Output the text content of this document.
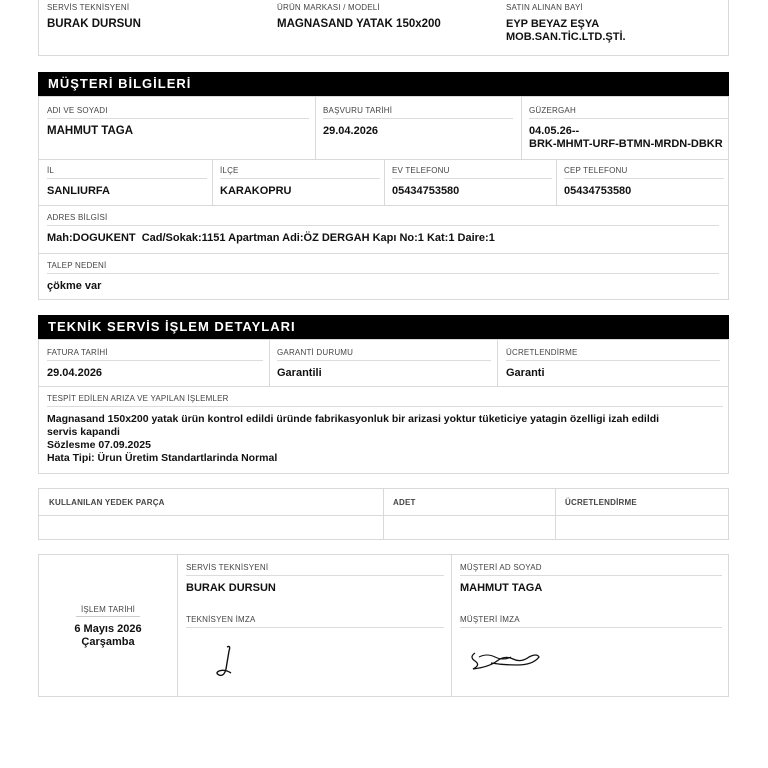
SERVİS TEKNİSYENİ
BURAK DURSUN
ÜRÜN MARKASI / MODELİ
MAGNASAND YATAK 150x200
SATIN ALINAN BAYİ
EYP BEYAZ EŞYA
MOB.SAN.TİC.LTD.ŞTİ.
MÜŞTERİ BİLGİLERİ
ADI VE SOYADI
MAHMUT TAGA
BAŞVURU TARİHİ
29.04.2026
GÜZERGAH
04.05.26--
BRK-MHMT-URF-BTMN-MRDN-DBKR
İL
SANLIURFA
İLÇE
KARAKOPRU
EV TELEFONU
05434753580
CEP TELEFONU
05434753580
ADRES BİLGİSİ
Mah:DOGUKENT  Cad/Sokak:1151 Apartman Adi:ÖZ DERGAH Kapı No:1 Kat:1 Daire:1
TALEP NEDENİ
çökme var
TEKNİK SERVİS İŞLEM DETAYLARI
FATURA TARİHİ
29.04.2026
GARANTİ DURUMU
Garantili
ÜCRETLENDİRME
Garanti
TESPİT EDİLEN ARIZA VE YAPILAN İŞLEMLER
Magnasand 150x200 yatak ürün kontrol edildi üründe fabrikasyonluk bir arizasi yoktur tüketiciye yatagin özelligi izah edildi
servis kapandi
Sözlesme 07.09.2025
Hata Tipi: Ürun Üretim Standartlarinda Normal
KULLANILAN YEDEK PARÇA	ADET	ÜCRETLENDİRME
İŞLEM TARİHİ
6 Mayıs 2026
Çarşamba
SERVİS TEKNİSYENİ
BURAK DURSUN
TEKNİSYEN İMZA
MÜŞTERİ AD SOYAD
MAHMUT TAGA
MÜŞTERİ İMZA
